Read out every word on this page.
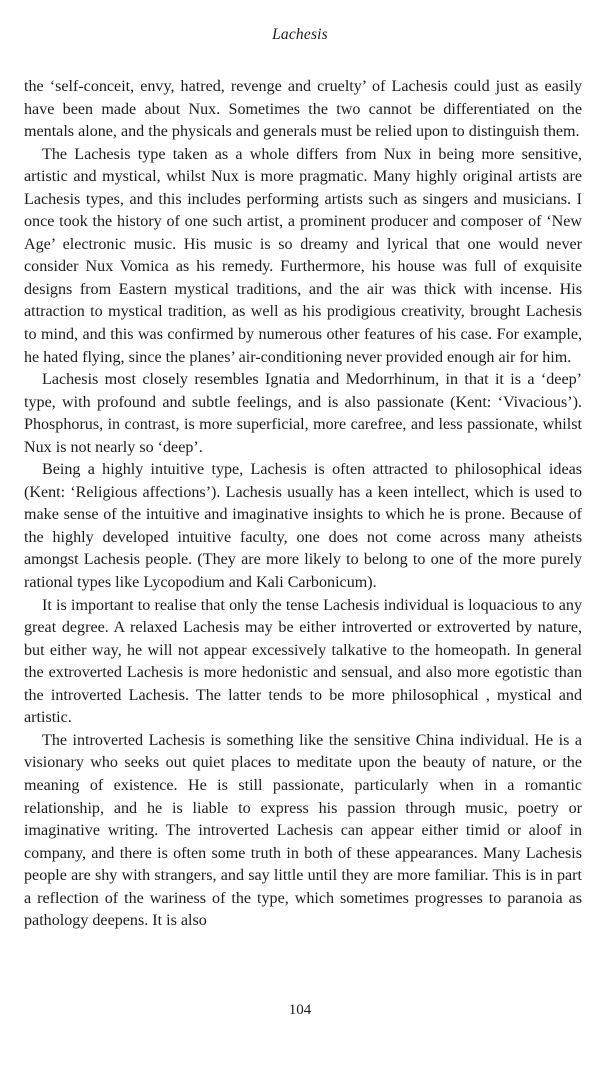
Lachesis

the ‘self-conceit, envy, hatred, revenge and cruelty’ of Lachesis could just as easily have been made about Nux. Sometimes the two cannot be differentiated on the mentals alone, and the physicals and generals must be relied upon to distinguish them.

The Lachesis type taken as a whole differs from Nux in being more sensitive, artistic and mystical, whilst Nux is more pragmatic. Many highly original artists are Lachesis types, and this includes performing artists such as singers and musicians. I once took the history of one such artist, a prominent producer and composer of ‘New Age’ electronic music. His music is so dreamy and lyrical that one would never consider Nux Vomica as his remedy. Furthermore, his house was full of exquisite designs from Eastern mystical traditions, and the air was thick with incense. His attraction to mystical tradition, as well as his prodigious creativity, brought Lachesis to mind, and this was confirmed by numerous other features of his case. For example, he hated flying, since the planes’ air-conditioning never provided enough air for him.

Lachesis most closely resembles Ignatia and Medorrhinum, in that it is a ‘deep’ type, with profound and subtle feelings, and is also passionate (Kent: ‘Vivacious’). Phosphorus, in contrast, is more superficial, more carefree, and less passionate, whilst Nux is not nearly so ‘deep’.

Being a highly intuitive type, Lachesis is often attracted to philosophical ideas (Kent: ‘Religious affections’). Lachesis usually has a keen intellect, which is used to make sense of the intuitive and imaginative insights to which he is prone. Because of the highly developed intuitive faculty, one does not come across many atheists amongst Lachesis people. (They are more likely to belong to one of the more purely rational types like Lycopodium and Kali Carbonicum).

It is important to realise that only the tense Lachesis individual is loquacious to any great degree. A relaxed Lachesis may be either introverted or extroverted by nature, but either way, he will not appear excessively talkative to the homeopath. In general the extroverted Lachesis is more hedonistic and sensual, and also more egotistic than the introverted Lachesis. The latter tends to be more philosophical , mystical and artistic.

The introverted Lachesis is something like the sensitive China individual. He is a visionary who seeks out quiet places to meditate upon the beauty of nature, or the meaning of existence. He is still passionate, particularly when in a romantic relationship, and he is liable to express his passion through music, poetry or imaginative writing. The introverted Lachesis can appear either timid or aloof in company, and there is often some truth in both of these appearances. Many Lachesis people are shy with strangers, and say little until they are more familiar. This is in part a reflection of the wariness of the type, which sometimes progresses to paranoia as pathology deepens. It is also

104
